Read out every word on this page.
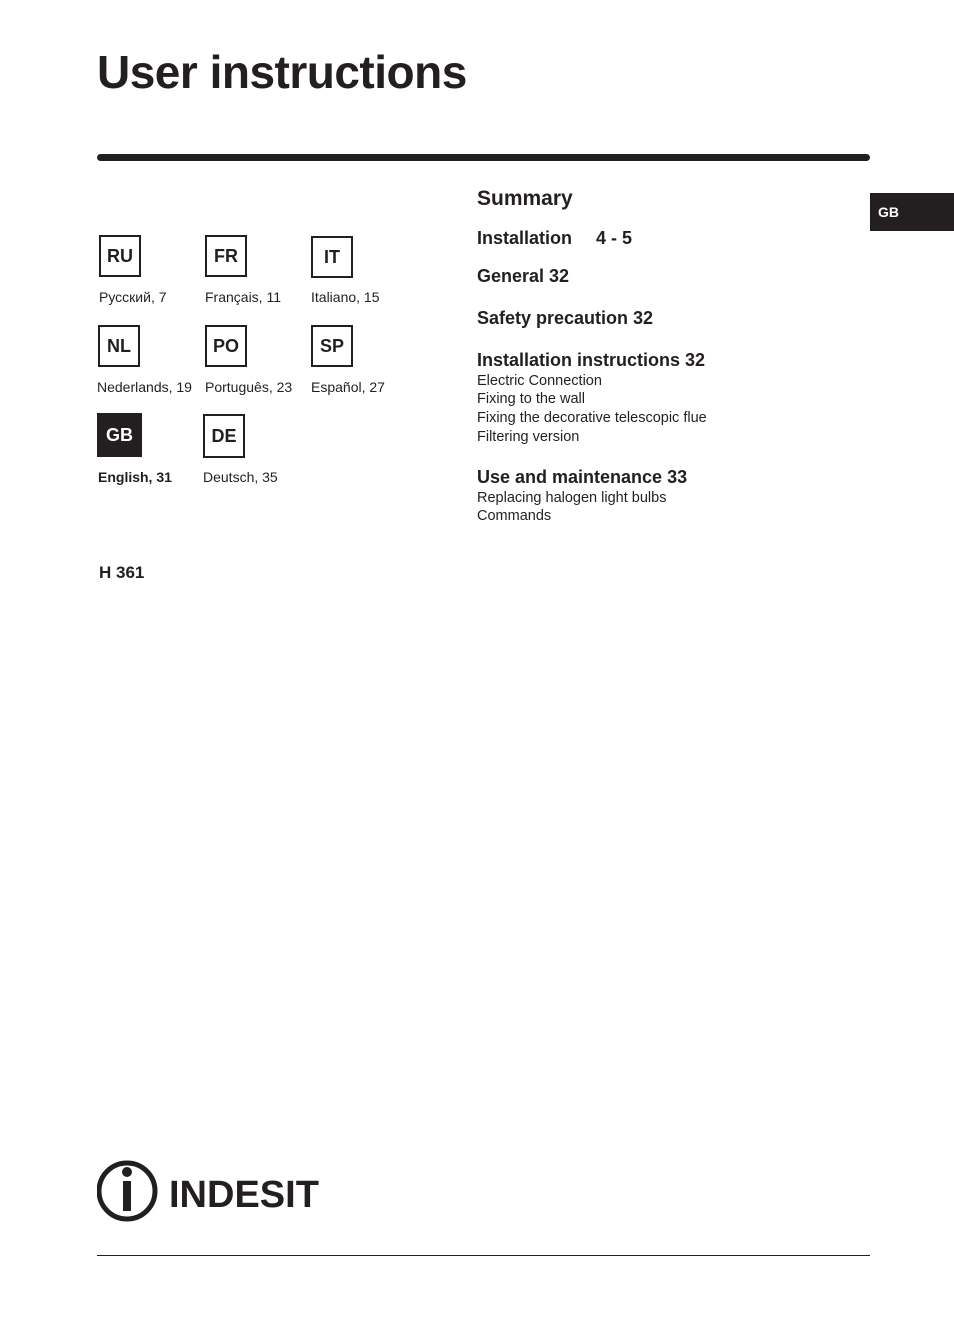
User instructions
GB
RU
Русский, 7
FR
Français, 11
IT
Italiano, 15
NL
Nederlands, 19
PO
Português, 23
SP
Español, 27
GB
English, 31
DE
Deutsch, 35
H 361
Summary
Installation 4 - 5
General 32
Safety precaution 32
Installation instructions 32
Electric Connection
Fixing to the wall
Fixing the decorative telescopic flue
Filtering version
Use and maintenance 33
Replacing halogen light bulbs
Commands
INDESIT
